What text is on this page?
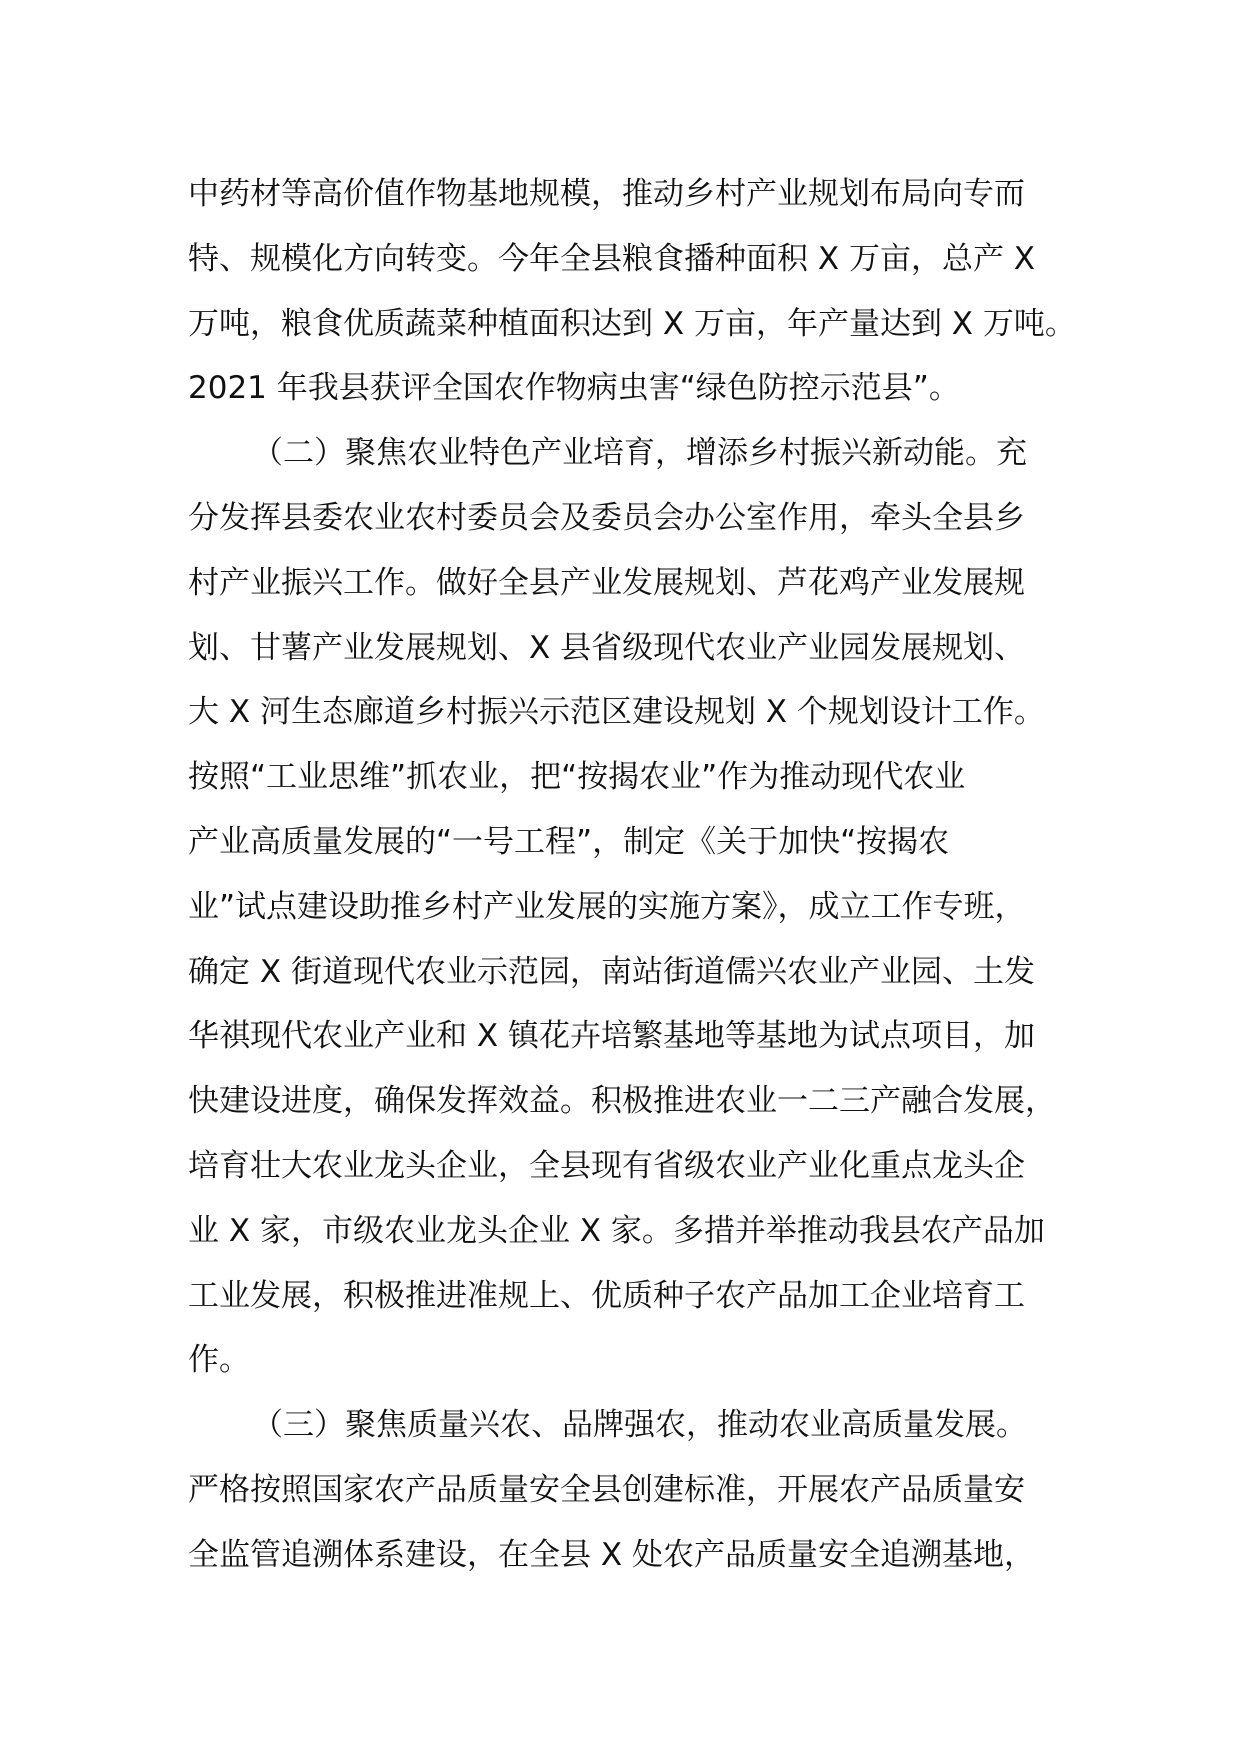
中药材等高价值作物基地规模，推动乡村产业规划布局向专而
特、规模化方向转变。今年全县粮食播种面积 X 万亩，总产 X
万吨，粮食优质蔬菜种植面积达到 X 万亩，年产量达到 X 万吨。
2021 年我县获评全国农作物病虫害“绿色防控示范县”。
（二）聚焦农业特色产业培育，增添乡村振兴新动能。充
分发挥县委农业农村委员会及委员会办公室作用，牵头全县乡
村产业振兴工作。做好全县产业发展规划、芦花鸡产业发展规
划、甘薯产业发展规划、X 县省级现代农业产业园发展规划、
大 X 河生态廊道乡村振兴示范区建设规划 X 个规划设计工作。
按照“工业思维”抓农业，把“按揭农业”作为推动现代农业
产业高质量发展的“一号工程”，制定《关于加快“按揭农
业”试点建设助推乡村产业发展的实施方案》，成立工作专班，
确定 X 街道现代农业示范园，南站街道儒兴农业产业园、土发
华祺现代农业产业和 X 镇花卉培繁基地等基地为试点项目，加
快建设进度，确保发挥效益。积极推进农业一二三产融合发展，
培育壮大农业龙头企业，全县现有省级农业产业化重点龙头企
业 X 家，市级农业龙头企业 X 家。多措并举推动我县农产品加
工业发展，积极推进准规上、优质种子农产品加工企业培育工
作。
（三）聚焦质量兴农、品牌强农，推动农业高质量发展。
严格按照国家农产品质量安全县创建标准，开展农产品质量安
全监管追溯体系建设，在全县 X 处农产品质量安全追溯基地，
